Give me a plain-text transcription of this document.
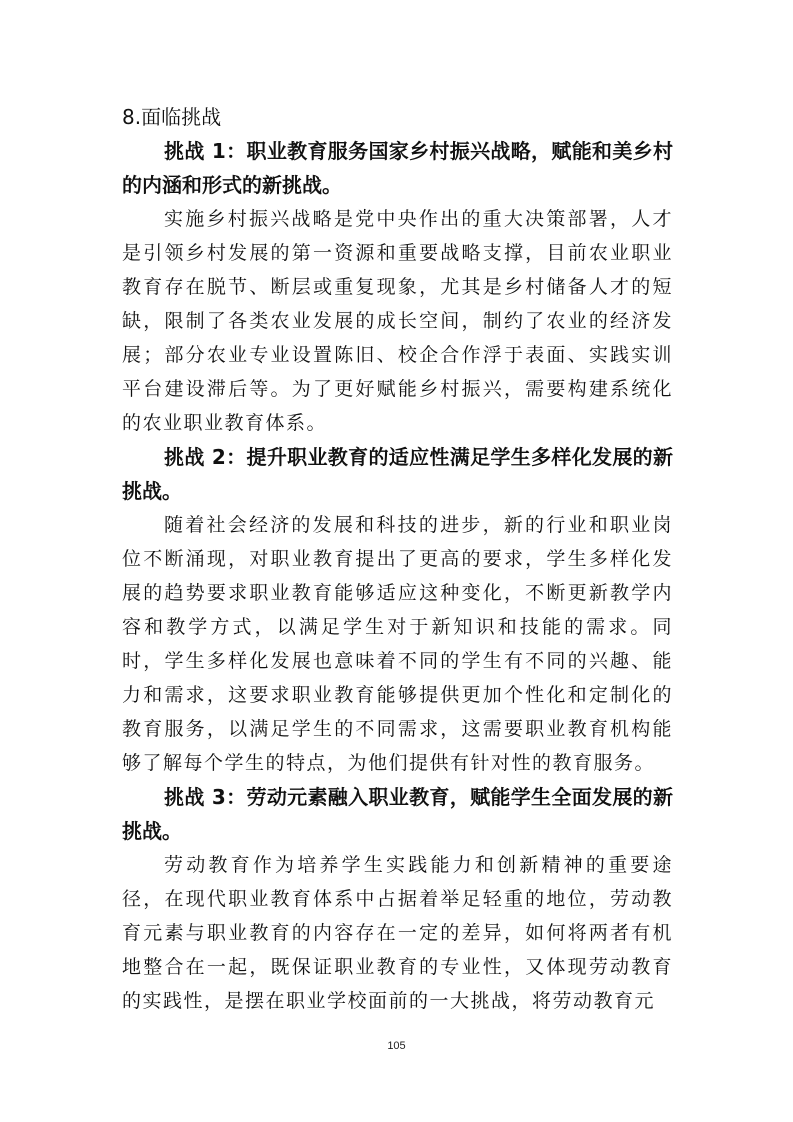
8.面临挑战

挑战 1：职业教育服务国家乡村振兴战略，赋能和美乡村的内涵和形式的新挑战。

实施乡村振兴战略是党中央作出的重大决策部署，人才是引领乡村发展的第一资源和重要战略支撑，目前农业职业教育存在脱节、断层或重复现象，尤其是乡村储备人才的短缺，限制了各类农业发展的成长空间，制约了农业的经济发展；部分农业专业设置陈旧、校企合作浮于表面、实践实训平台建设滞后等。为了更好赋能乡村振兴，需要构建系统化的农业职业教育体系。

挑战 2：提升职业教育的适应性满足学生多样化发展的新挑战。

随着社会经济的发展和科技的进步，新的行业和职业岗位不断涌现，对职业教育提出了更高的要求，学生多样化发展的趋势要求职业教育能够适应这种变化，不断更新教学内容和教学方式，以满足学生对于新知识和技能的需求。同时，学生多样化发展也意味着不同的学生有不同的兴趣、能力和需求，这要求职业教育能够提供更加个性化和定制化的教育服务，以满足学生的不同需求，这需要职业教育机构能够了解每个学生的特点，为他们提供有针对性的教育服务。

挑战 3：劳动元素融入职业教育，赋能学生全面发展的新挑战。

劳动教育作为培养学生实践能力和创新精神的重要途径，在现代职业教育体系中占据着举足轻重的地位，劳动教育元素与职业教育的内容存在一定的差异，如何将两者有机地整合在一起，既保证职业教育的专业性，又体现劳动教育的实践性，是摆在职业学校面前的一大挑战，将劳动教育元

105
